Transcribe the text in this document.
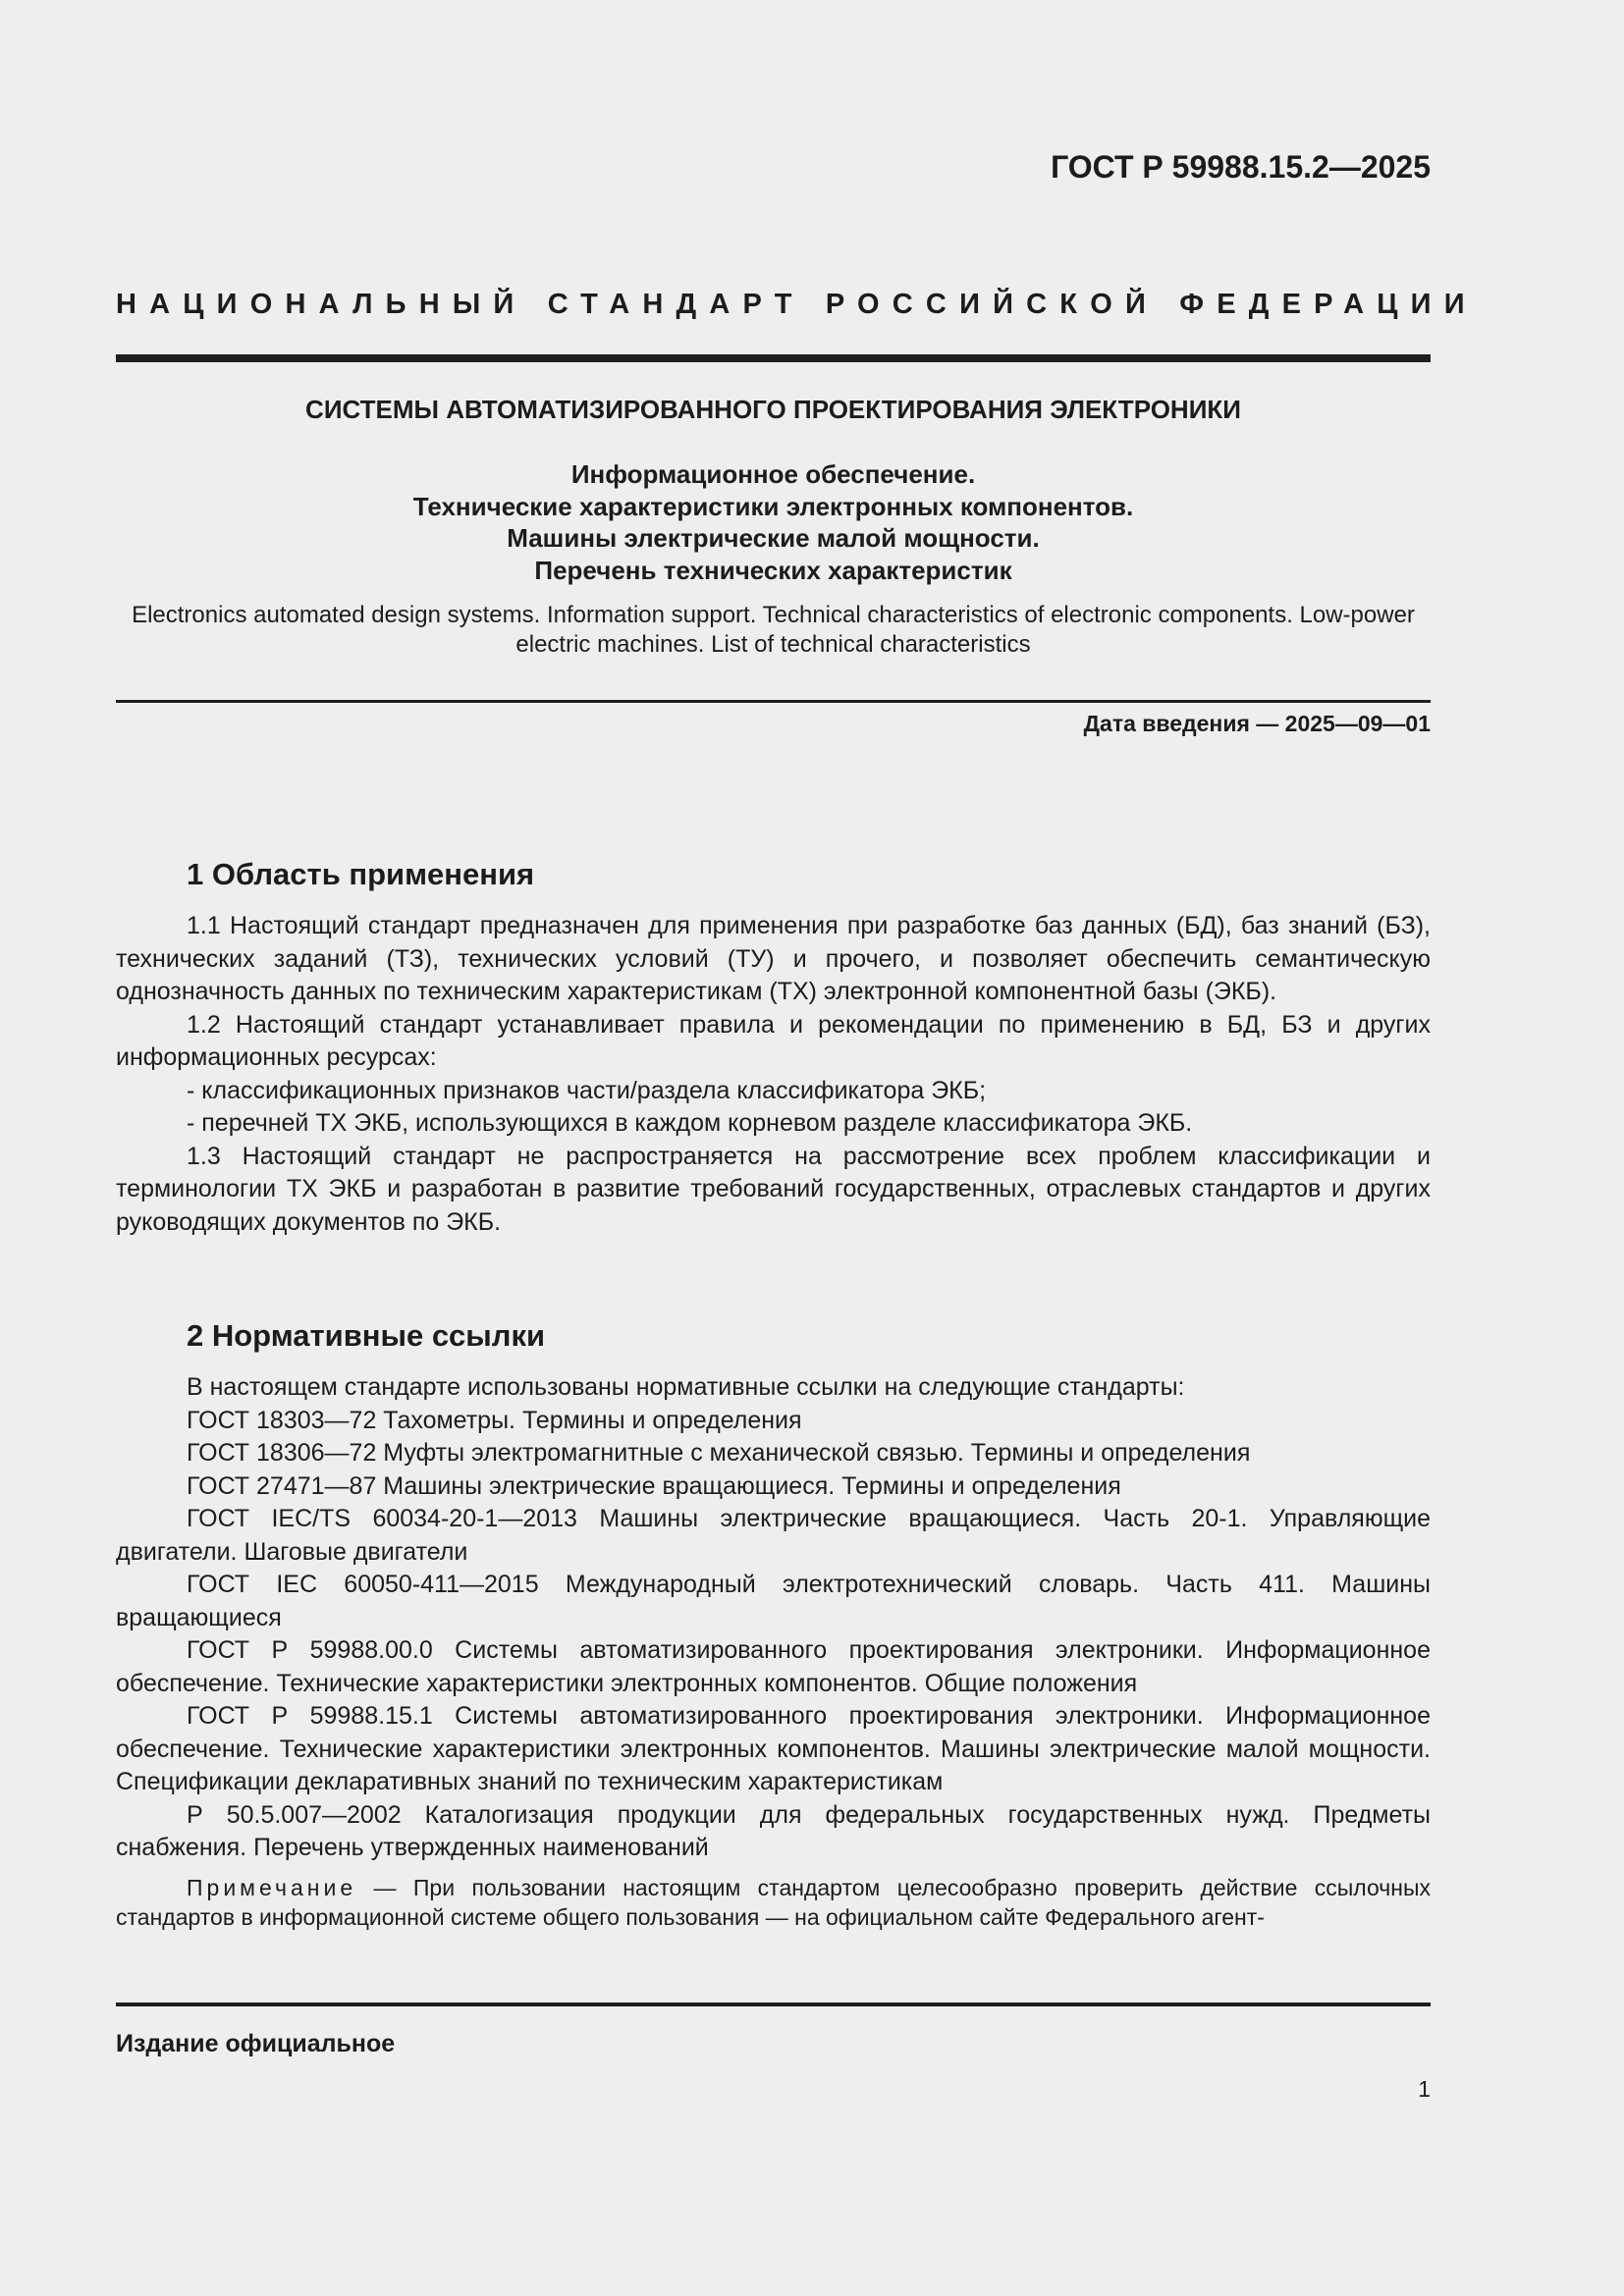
ГОСТ Р 59988.15.2—2025
НАЦИОНАЛЬНЫЙ СТАНДАРТ РОССИЙСКОЙ ФЕДЕРАЦИИ
СИСТЕМЫ АВТОМАТИЗИРОВАННОГО ПРОЕКТИРОВАНИЯ ЭЛЕКТРОНИКИ
Информационное обеспечение.
Технические характеристики электронных компонентов.
Машины электрические малой мощности.
Перечень технических характеристик
Electronics automated design systems. Information support. Technical characteristics of electronic components. Low-power electric machines. List of technical characteristics
Дата введения — 2025—09—01
1 Область применения

1.1 Настоящий стандарт предназначен для применения при разработке баз данных (БД), баз знаний (БЗ), технических заданий (ТЗ), технических условий (ТУ) и прочего, и позволяет обеспечить семантическую однозначность данных по техническим характеристикам (ТХ) электронной компонентной базы (ЭКБ).

1.2 Настоящий стандарт устанавливает правила и рекомендации по применению в БД, БЗ и других информационных ресурсах:

- классификационных признаков части/раздела классификатора ЭКБ;

- перечней ТХ ЭКБ, использующихся в каждом корневом разделе классификатора ЭКБ.

1.3 Настоящий стандарт не распространяется на рассмотрение всех проблем классификации и терминологии ТХ ЭКБ и разработан в развитие требований государственных, отраслевых стандартов и других руководящих документов по ЭКБ.

2 Нормативные ссылки

В настоящем стандарте использованы нормативные ссылки на следующие стандарты:

ГОСТ 18303—72 Тахометры. Термины и определения

ГОСТ 18306—72 Муфты электромагнитные с механической связью. Термины и определения

ГОСТ 27471—87 Машины электрические вращающиеся. Термины и определения

ГОСТ IEC/TS 60034-20-1—2013 Машины электрические вращающиеся. Часть 20-1. Управляющие двигатели. Шаговые двигатели

ГОСТ IEC 60050-411—2015 Международный электротехнический словарь. Часть 411. Машины вращающиеся

ГОСТ Р 59988.00.0 Системы автоматизированного проектирования электроники. Информационное обеспечение. Технические характеристики электронных компонентов. Общие положения

ГОСТ Р 59988.15.1 Системы автоматизированного проектирования электроники. Информационное обеспечение. Технические характеристики электронных компонентов. Машины электрические малой мощности. Спецификации декларативных знаний по техническим характеристикам

Р 50.5.007—2002 Каталогизация продукции для федеральных государственных нужд. Предметы снабжения. Перечень утвержденных наименований

Примечание — При пользовании настоящим стандартом целесообразно проверить действие ссылочных стандартов в информационной системе общего пользования — на официальном сайте Федерального агент-
Издание официальное
1
